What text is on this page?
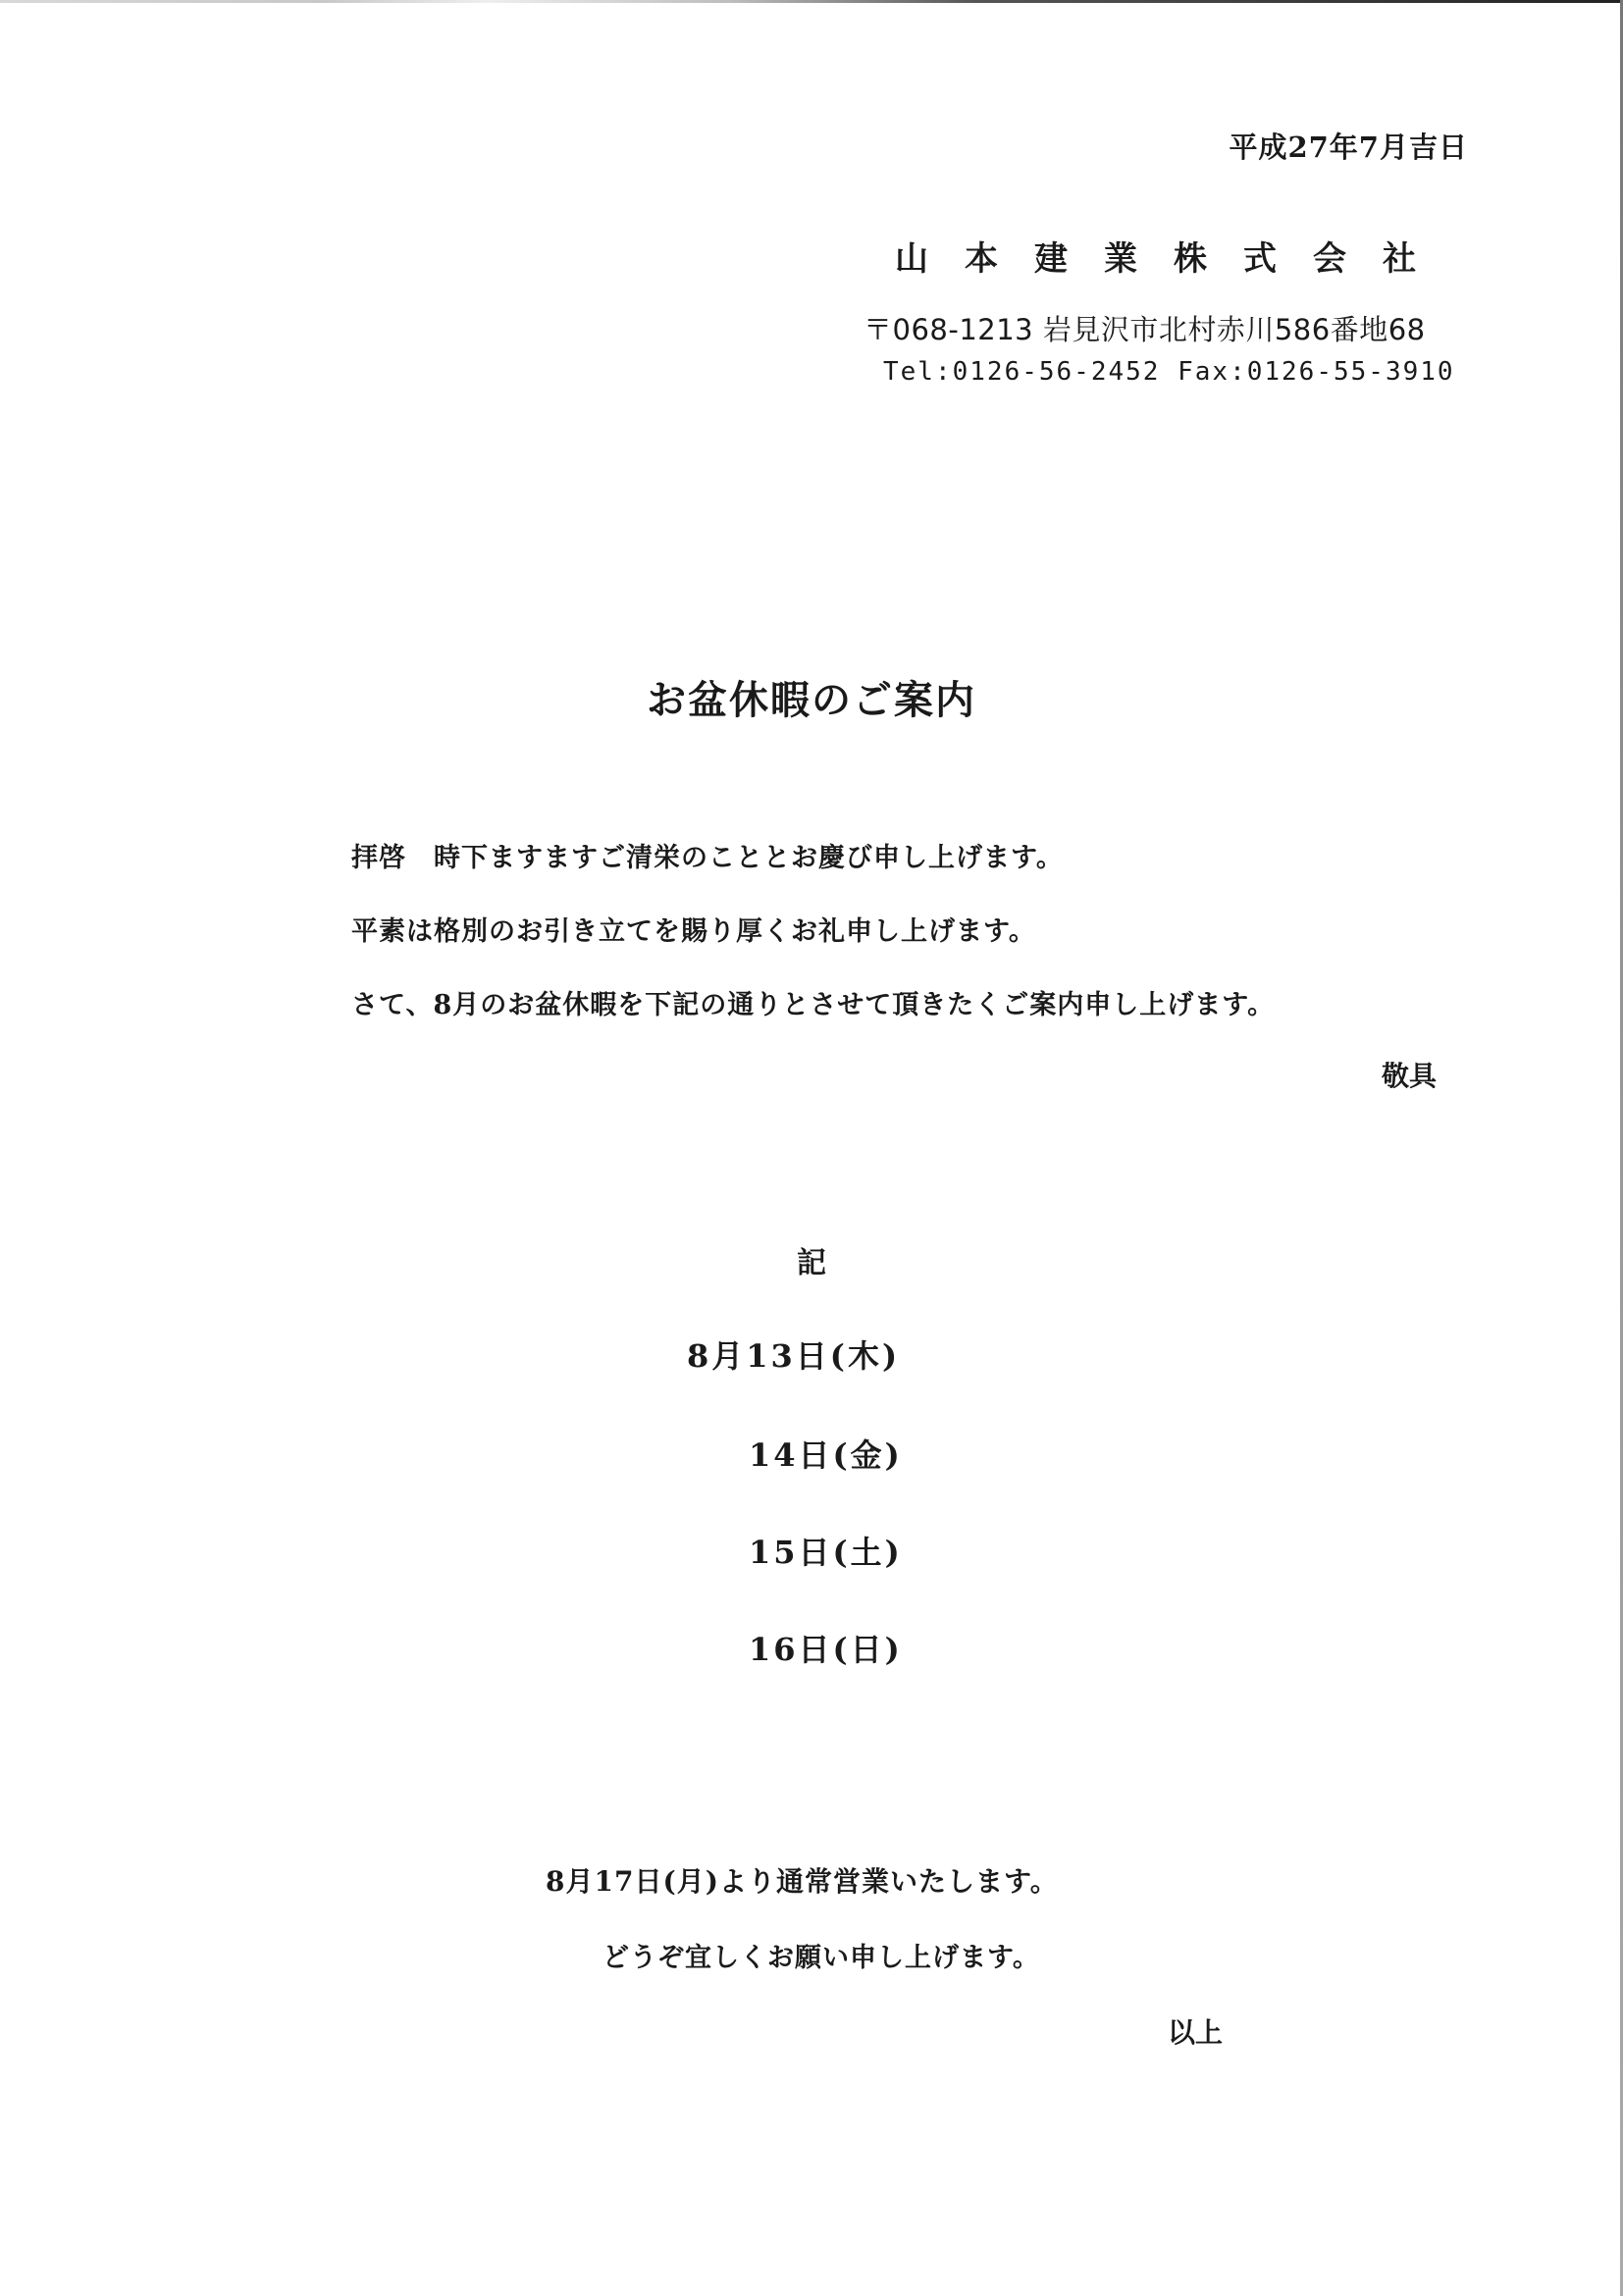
平成27年7月吉日
山本建業株式会社
〒068-1213 岩見沢市北村赤川586番地68
Tel:0126-56-2452 Fax:0126-55-3910
お盆休暇のご案内
拝啓　時下ますますご清栄のこととお慶び申し上げます。
平素は格別のお引き立てを賜り厚くお礼申し上げます。
さて、8月のお盆休暇を下記の通りとさせて頂きたくご案内申し上げます。
敬具
記
8月13日(木)
14日(金)
15日(土)
16日(日)
8月17日(月)より通常営業いたします。
どうぞ宜しくお願い申し上げます。
以上
